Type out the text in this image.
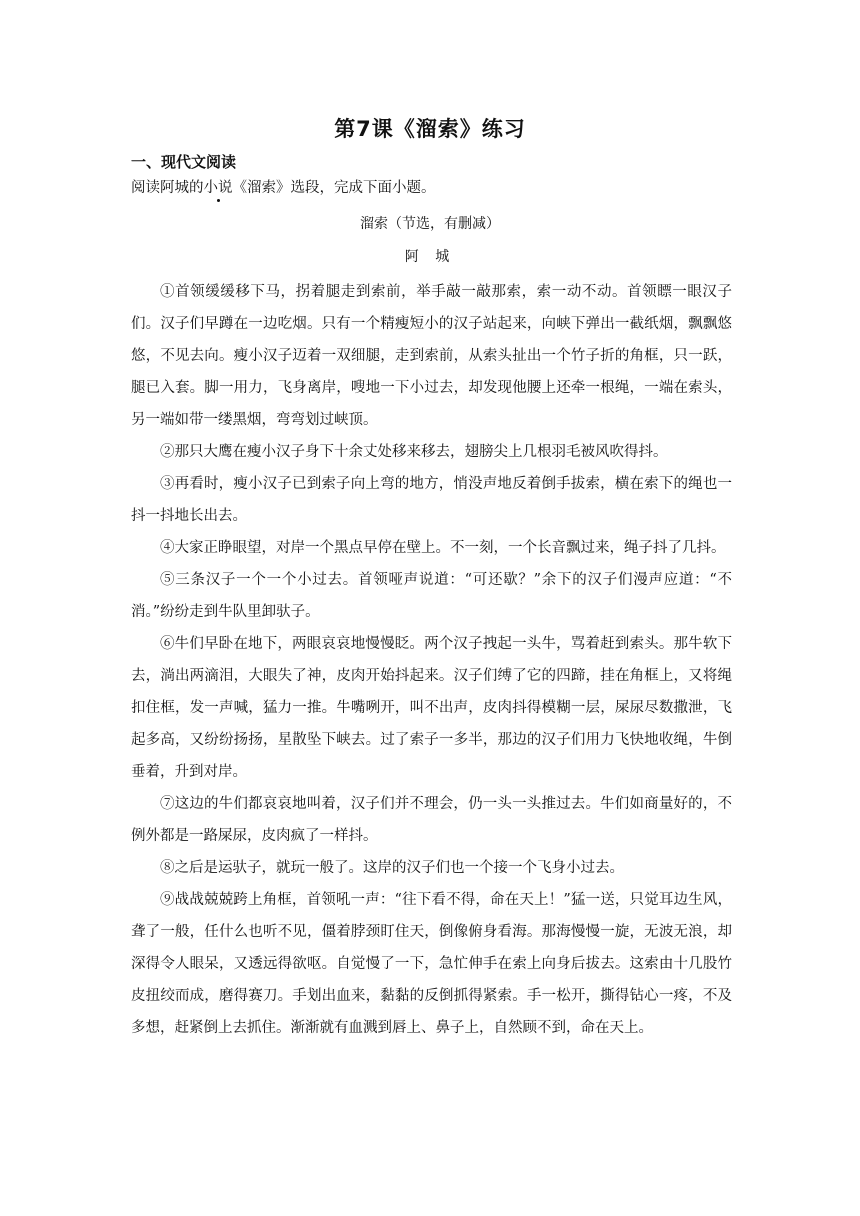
第7课《溜索》练习
一、现代文阅读

阅读阿城的小说《溜索》选段，完成下面小题。

溜索（节选，有删减）

阿 城

①首领缓缓移下马，拐着腿走到索前，举手敲一敲那索，索一动不动。首领瞟一眼汉子们。汉子们早蹲在一边吃烟。只有一个精瘦短小的汉子站起来，向峡下弹出一截纸烟，飘飘悠悠，不见去向。瘦小汉子迈着一双细腿，走到索前，从索头扯出一个竹子折的角框，只一跃，腿已入套。脚一用力，飞身离岸，嗖地一下小过去，却发现他腰上还牵一根绳，一端在索头，另一端如带一缕黑烟，弯弯划过峡顶。

②那只大鹰在瘦小汉子身下十余丈处移来移去，翅膀尖上几根羽毛被风吹得抖。

③再看时，瘦小汉子已到索子向上弯的地方，悄没声地反着倒手拔索，横在索下的绳也一抖一抖地长出去。

④大家正睁眼望，对岸一个黑点早停在壁上。不一刻，一个长音飘过来，绳子抖了几抖。

⑤三条汉子一个一个小过去。首领哑声说道：“可还歇？”余下的汉子们漫声应道：“不消。”纷纷走到牛队里卸驮子。

⑥牛们早卧在地下，两眼哀哀地慢慢眨。两个汉子拽起一头牛，骂着赶到索头。那牛软下去，淌出两滴泪，大眼失了神，皮肉开始抖起来。汉子们缚了它的四蹄，挂在角框上，又将绳扣住框，发一声喊，猛力一推。牛嘴咧开，叫不出声，皮肉抖得模糊一层，屎尿尽数撒泄，飞起多高，又纷纷扬扬，星散坠下峡去。过了索子一多半，那边的汉子们用力飞快地收绳，牛倒垂着，升到对岸。

⑦这边的牛们都哀哀地叫着，汉子们并不理会，仍一头一头推过去。牛们如商量好的，不例外都是一路屎尿，皮肉疯了一样抖。

⑧之后是运驮子，就玩一般了。这岸的汉子们也一个接一个飞身小过去。

⑨战战兢兢跨上角框，首领吼一声：“往下看不得，命在天上！”猛一送，只觉耳边生风，聋了一般，任什么也听不见，僵着脖颈盯住天，倒像俯身看海。那海慢慢一旋，无波无浪，却深得令人眼呆，又透远得欲呕。自觉慢了一下，急忙伸手在索上向身后拔去。这索由十几股竹皮扭绞而成，磨得赛刀。手划出血来，黏黏的反倒抓得紧索。手一松开，撕得钻心一疼，不及多想，赶紧倒上去抓住。渐渐就有血溅到唇上、鼻子上，自然顾不到，命在天上。
